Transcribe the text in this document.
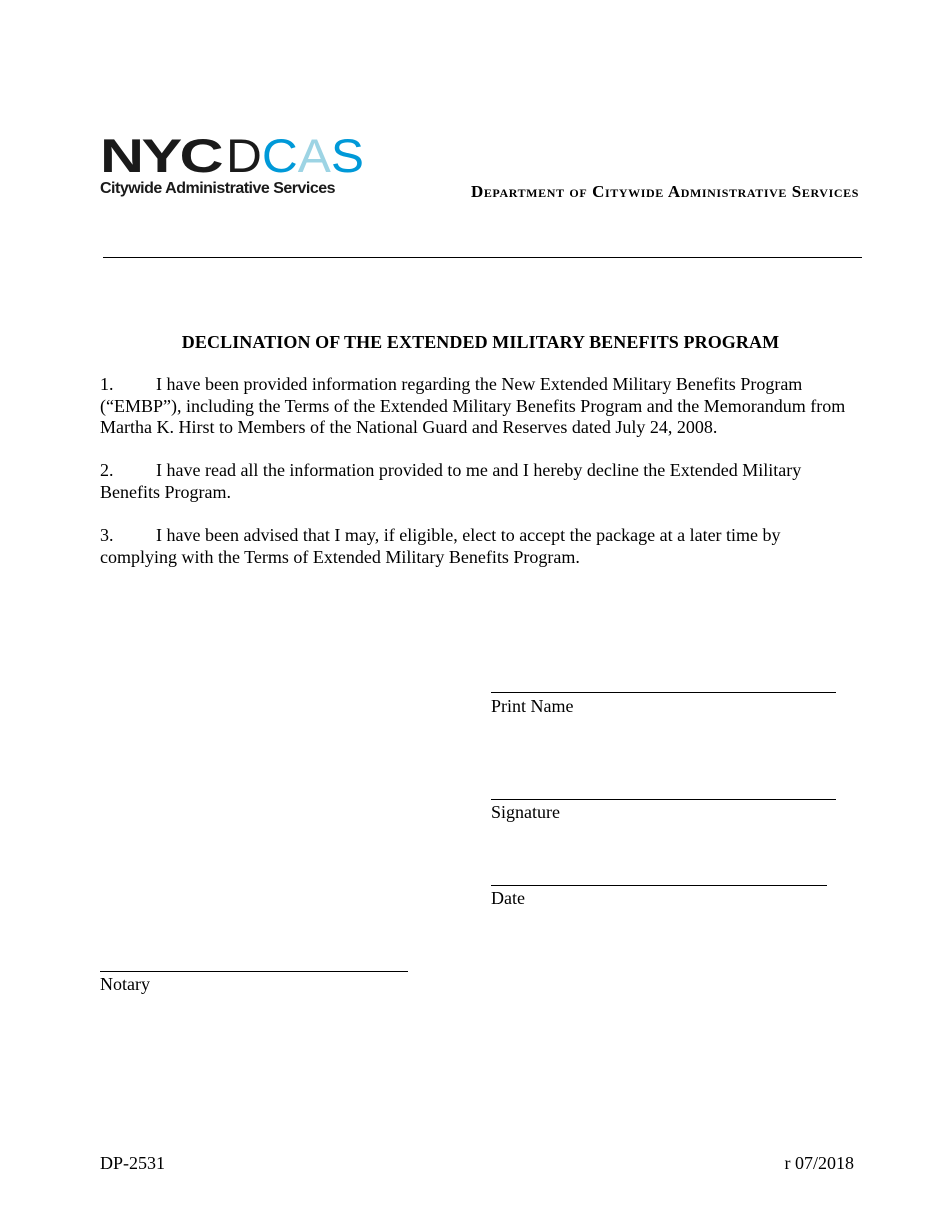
NYC DCAS
Citywide Administrative Services	Department of Citywide Administrative Services
DECLINATION OF THE EXTENDED MILITARY BENEFITS PROGRAM
1. I have been provided information regarding the New Extended Military Benefits Program (“EMBP”), including the Terms of the Extended Military Benefits Program and the Memorandum from Martha K. Hirst to Members of the National Guard and Reserves dated July 24, 2008.
2. I have read all the information provided to me and I hereby decline the Extended Military Benefits Program.
3. I have been advised that I may, if eligible, elect to accept the package at a later time by complying with the Terms of Extended Military Benefits Program.
Print Name
Signature
Date
Notary
DP-2531	r 07/2018
